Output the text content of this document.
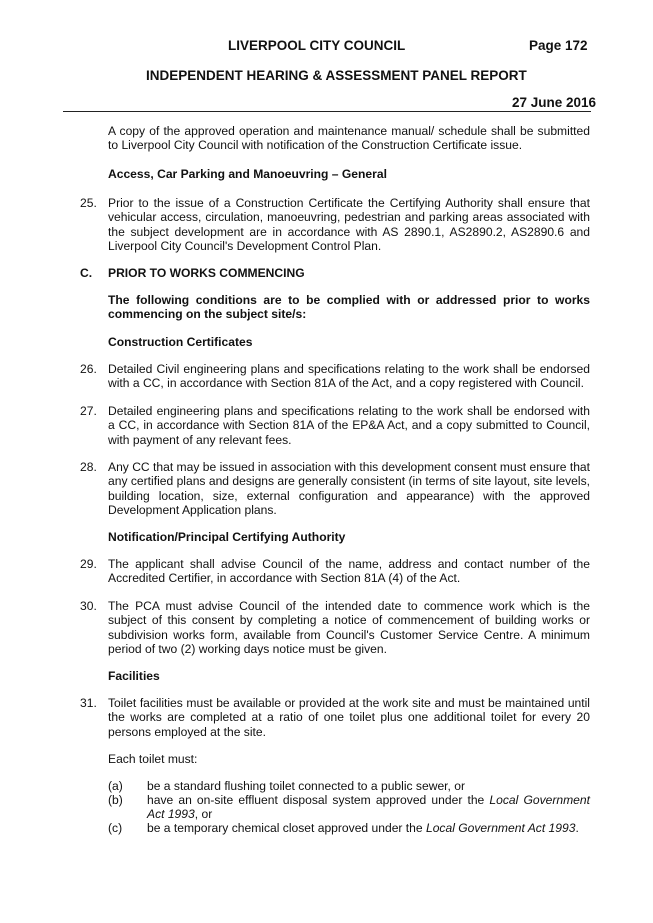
LIVERPOOL CITY COUNCIL	Page 172
INDEPENDENT HEARING & ASSESSMENT PANEL REPORT
27 June 2016
A copy of the approved operation and maintenance manual/ schedule shall be submitted to Liverpool City Council with notification of the Construction Certificate issue.
Access, Car Parking and Manoeuvring – General
25. Prior to the issue of a Construction Certificate the Certifying Authority shall ensure that vehicular access, circulation, manoeuvring, pedestrian and parking areas associated with the subject development are in accordance with AS 2890.1, AS2890.2, AS2890.6 and Liverpool City Council's Development Control Plan.
C. PRIOR TO WORKS COMMENCING
The following conditions are to be complied with or addressed prior to works commencing on the subject site/s:
Construction Certificates
26. Detailed Civil engineering plans and specifications relating to the work shall be endorsed with a CC, in accordance with Section 81A of the Act, and a copy registered with Council.
27. Detailed engineering plans and specifications relating to the work shall be endorsed with a CC, in accordance with Section 81A of the EP&A Act, and a copy submitted to Council, with payment of any relevant fees.
28. Any CC that may be issued in association with this development consent must ensure that any certified plans and designs are generally consistent (in terms of site layout, site levels, building location, size, external configuration and appearance) with the approved Development Application plans.
Notification/Principal Certifying Authority
29. The applicant shall advise Council of the name, address and contact number of the Accredited Certifier, in accordance with Section 81A (4) of the Act.
30. The PCA must advise Council of the intended date to commence work which is the subject of this consent by completing a notice of commencement of building works or subdivision works form, available from Council's Customer Service Centre. A minimum period of two (2) working days notice must be given.
Facilities
31. Toilet facilities must be available or provided at the work site and must be maintained until the works are completed at a ratio of one toilet plus one additional toilet for every 20 persons employed at the site.
Each toilet must:
(a) be a standard flushing toilet connected to a public sewer, or
(b) have an on-site effluent disposal system approved under the Local Government Act 1993, or
(c) be a temporary chemical closet approved under the Local Government Act 1993.
